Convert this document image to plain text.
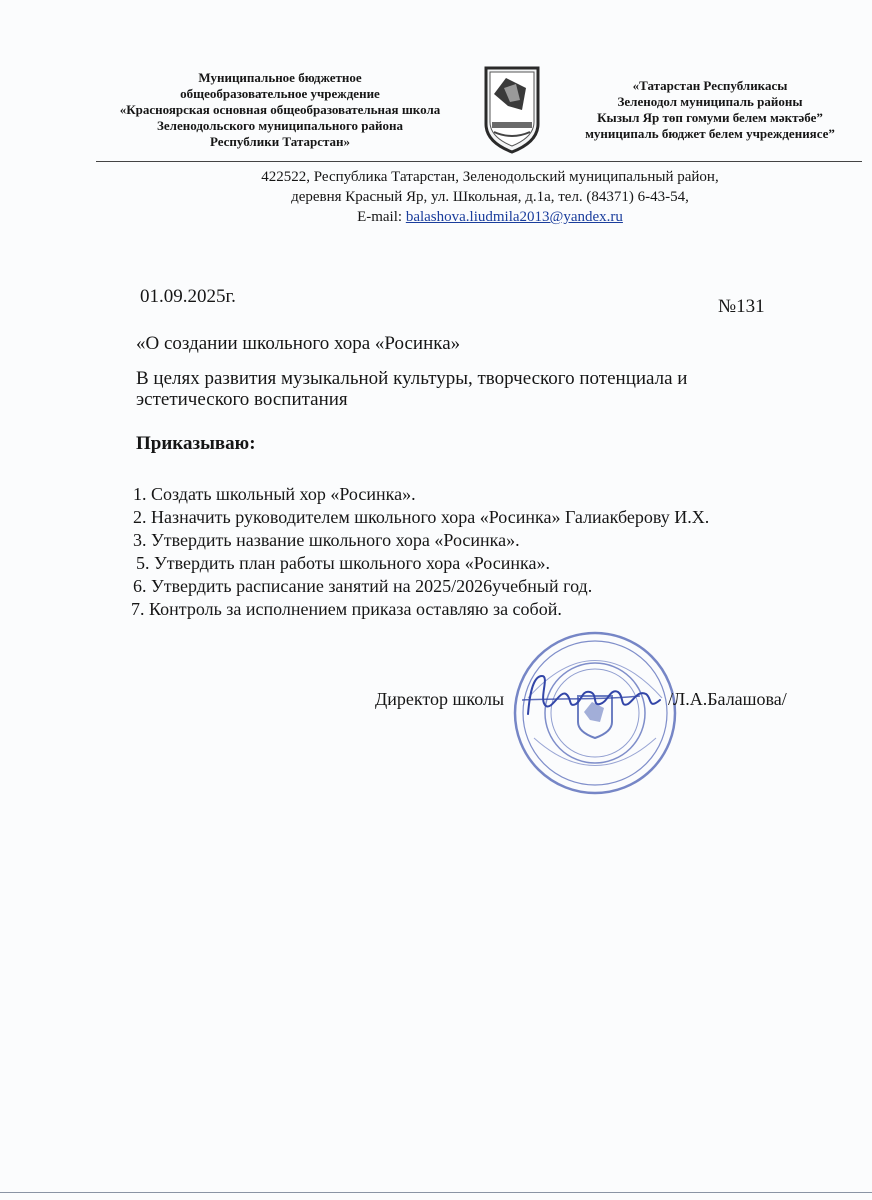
Муниципальное бюджетное
общеобразовательное учреждение
«Красноярская основная общеобразовательная школа
Зеленодольского муниципального района
Республики Татарстан»
«Татарстан Республикасы
Зеленодол муниципаль районы
Кызыл Яр төп гомуми белем мәктәбе”
муниципаль бюджет белем учреждениясе”
422522, Республика Татарстан, Зеленодольский муниципальный район,
деревня Красный Яр, ул. Школьная, д.1а, тел. (84371) 6-43-54,
E-mail: balashova.liudmila2013@yandex.ru
01.09.2025г.	№131
«О создании школьного хора «Росинка»
В целях развития музыкальной культуры, творческого потенциала и эстетического воспитания
Приказываю:
1. Создать школьный хор «Росинка».
2. Назначить руководителем школьного хора «Росинка» Галиакберову И.Х.
3. Утвердить название школьного хора «Росинка».
5. Утвердить план работы школьного хора «Росинка».
6. Утвердить расписание занятий на 2025/2026учебный год.
7. Контроль за исполнением приказа оставляю за собой.
Директор школы	/Л.А.Балашова/
